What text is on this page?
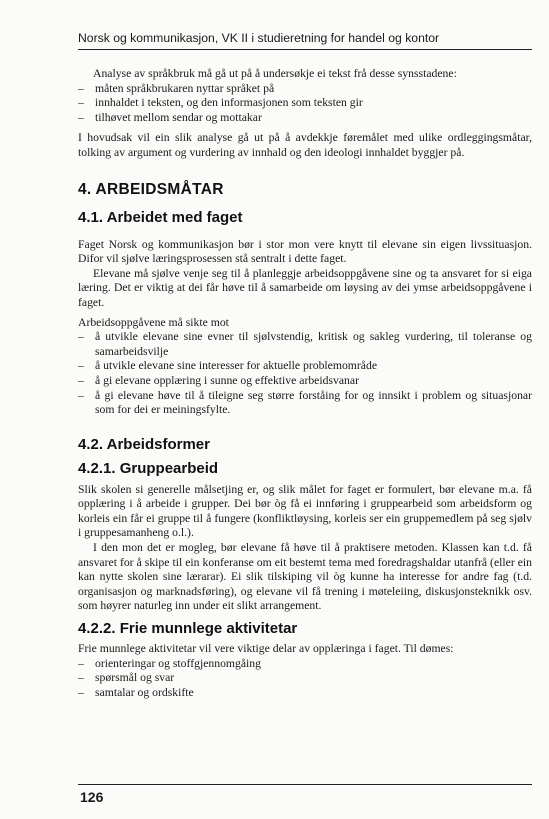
Norsk og kommunikasjon, VK II i studieretning for handel og kontor

Analyse av språkbruk må gå ut på å undersøkje ei tekst frå desse synsstadene:

– måten språkbrukaren nyttar språket på
– innhaldet i teksten, og den informasjonen som teksten gir
– tilhøvet mellom sendar og mottakar

I hovudsak vil ein slik analyse gå ut på å avdekkje føremålet med ulike ordleggingsmåtar, tolking av argument og vurdering av innhald og den ideologi innhaldet byggjer på.

4. ARBEIDSMÅTAR
4.1. Arbeidet med faget

Faget Norsk og kommunikasjon bør i stor mon vere knytt til elevane sin eigen livssituasjon. Difor vil sjølve læringsprosessen stå sentralt i dette faget.

Elevane må sjølve venje seg til å planleggje arbeidsoppgåvene sine og ta ansvaret for si eiga læring. Det er viktig at dei får høve til å samarbeide om løysing av dei ymse arbeidsoppgåvene i faget.

Arbeidsoppgåvene må sikte mot

– å utvikle elevane sine evner til sjølvstendig, kritisk og sakleg vurdering, til toleranse og samarbeidsvilje
– å utvikle elevane sine interesser for aktuelle problemområde
– å gi elevane opplæring i sunne og effektive arbeidsvanar
– å gi elevane høve til å tileigne seg større forståing for og innsikt i problem og situasjonar som for dei er meiningsfylte.
4.2. Arbeidsformer
4.2.1. Gruppearbeid

Slik skolen si generelle målsetjing er, og slik målet for faget er formulert, bør elevane m.a. få opplæring i å arbeide i grupper. Dei bør òg få ei innføring i gruppearbeid som arbeidsform og korleis ein får ei gruppe til å fungere (konfliktløysing, korleis ser ein gruppemedlem på seg sjølv i gruppesamanheng o.l.).

I den mon det er mogleg, bør elevane få høve til å praktisere metoden. Klassen kan t.d. få ansvaret for å skipe til ein konferanse om eit bestemt tema med foredragshaldar utanfrå (eller ein kan nytte skolen sine lærarar). Ei slik tilskiping vil òg kunne ha interesse for andre fag (t.d. organisasjon og marknadsføring), og elevane vil få trening i møteleiing, diskusjonsteknikk osv. som høyrer naturleg inn under eit slikt arrangement.

4.2.2. Frie munnlege aktivitetar

Frie munnlege aktivitetar vil vere viktige delar av opplæringa i faget. Til dømes:

– orienteringar og stoffgjennomgåing
– spørsmål og svar
– samtalar og ordskifte
126
